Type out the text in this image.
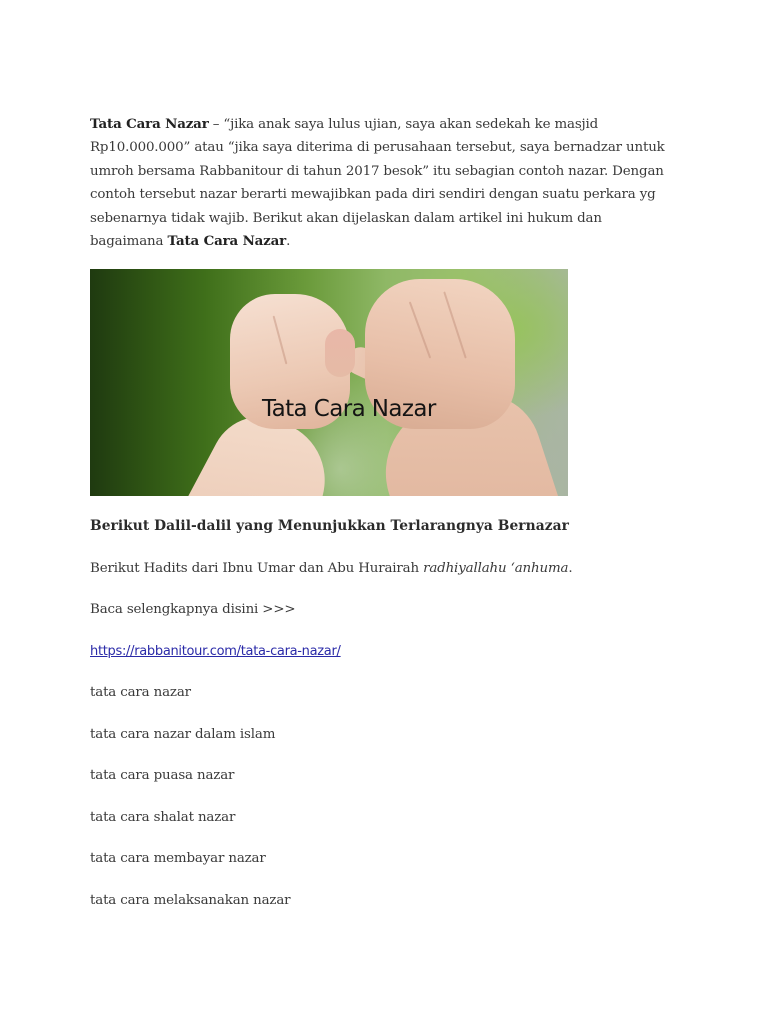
Tata Cara Nazar – “jika anak saya lulus ujian, saya akan sedekah ke masjid
Rp10.000.000” atau “jika saya diterima di perusahaan tersebut, saya bernadzar untuk
umroh bersama Rabbanitour di tahun 2017 besok” itu sebagian contoh nazar. Dengan
contoh tersebut nazar berarti mewajibkan pada diri sendiri dengan suatu perkara yg
sebenarnya tidak wajib. Berikut akan dijelaskan dalam artikel ini hukum dan
bagaimana Tata Cara Nazar.

Tata Cara Nazar

Berikut Dalil-dalil yang Menunjukkan Terlarangnya Bernazar

Berikut Hadits dari Ibnu Umar dan Abu Hurairah radhiyallahu ‘anhuma.

Baca selengkapnya disini >>>

https://rabbanitour.com/tata-cara-nazar/

tata cara nazar

tata cara nazar dalam islam

tata cara puasa nazar

tata cara shalat nazar

tata cara membayar nazar

tata cara melaksanakan nazar
